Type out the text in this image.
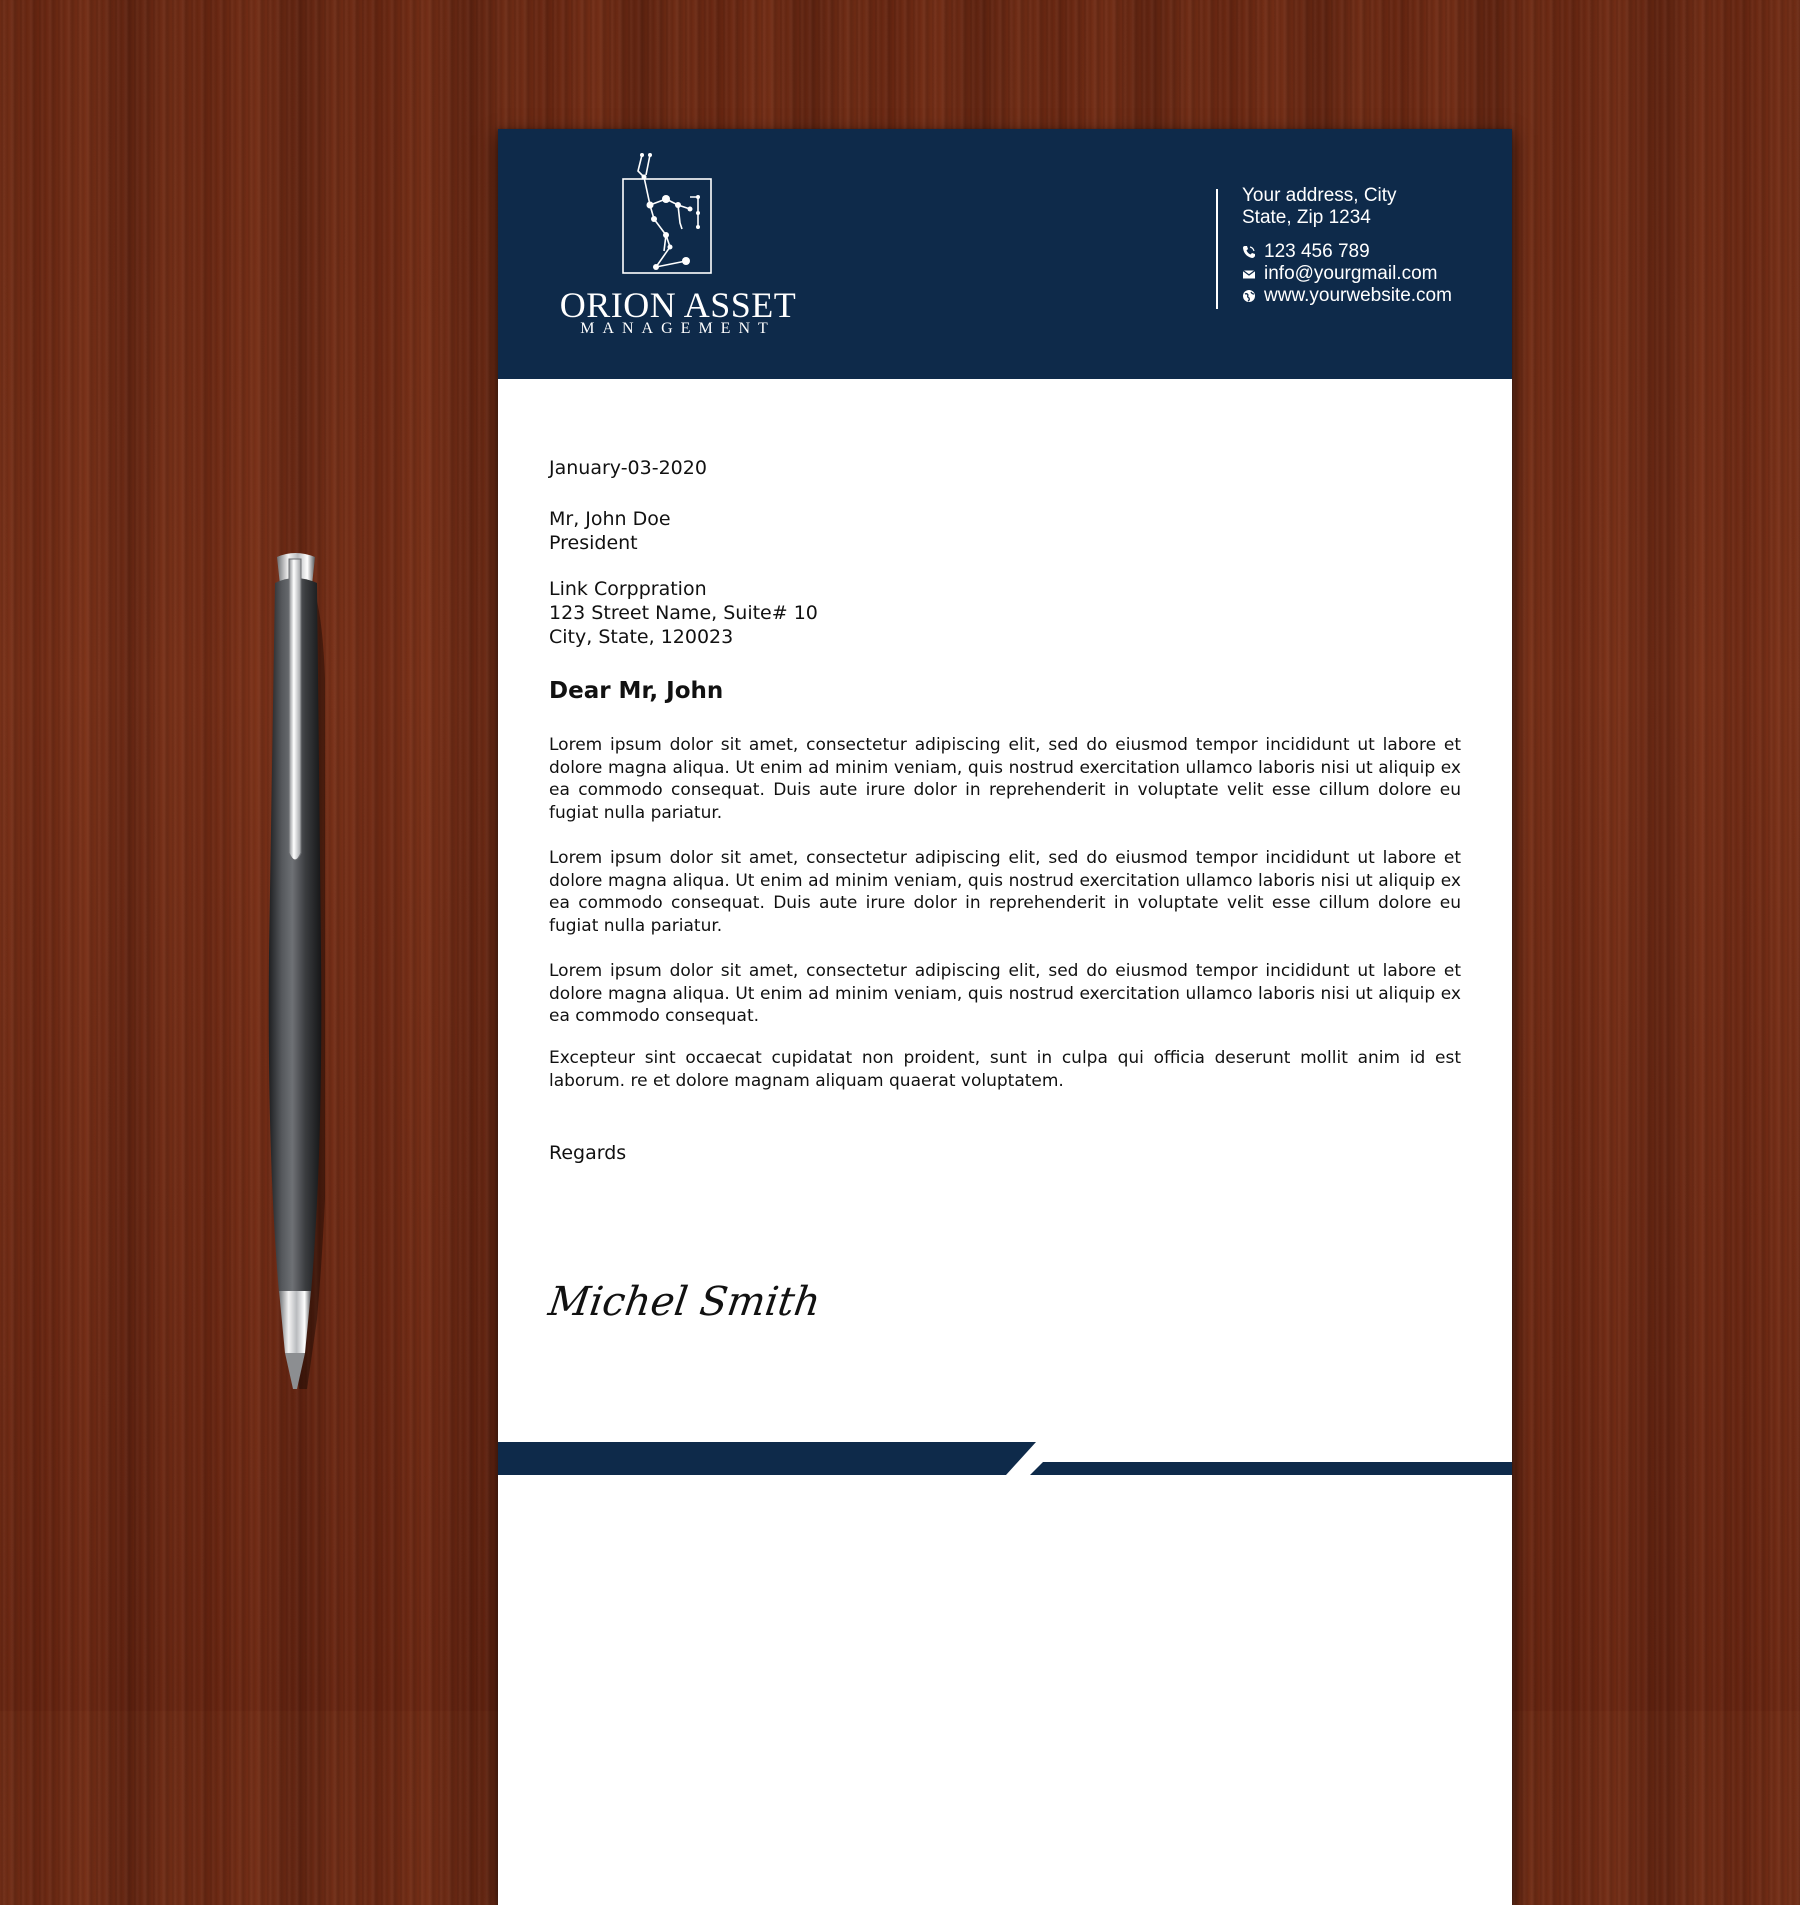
ORION ASSET
MANAGEMENT
Your address, City
State, Zip 1234
123 456 789
info@yourgmail.com
www.yourwebsite.com
January-03-2020
Mr, John Doe
President
Link Corppration
123 Street Name, Suite# 10
City, State, 120023
Dear Mr, John
Lorem ipsum dolor sit amet, consectetur adipiscing elit, sed do eiusmod tempor incididunt ut labore et dolore magna aliqua. Ut enim ad minim veniam, quis nostrud exercitation ullamco laboris nisi ut aliquip ex ea commodo consequat. Duis aute irure dolor in reprehenderit in voluptate velit esse cillum dolore eu fugiat nulla pariatur.
Lorem ipsum dolor sit amet, consectetur adipiscing elit, sed do eiusmod tempor incididunt ut labore et dolore magna aliqua. Ut enim ad minim veniam, quis nostrud exercitation ullamco laboris nisi ut aliquip ex ea commodo consequat. Duis aute irure dolor in reprehenderit in voluptate velit esse cillum dolore eu fugiat nulla pariatur.
Lorem ipsum dolor sit amet, consectetur adipiscing elit, sed do eiusmod tempor incididunt ut labore et dolore magna aliqua. Ut enim ad minim veniam, quis nostrud exercitation ullamco laboris nisi ut aliquip ex ea commodo consequat.
Excepteur sint occaecat cupidatat non proident, sunt in culpa qui officia deserunt mollit anim id est laborum. re et dolore magnam aliquam quaerat voluptatem.
Regards
Michel Smith
